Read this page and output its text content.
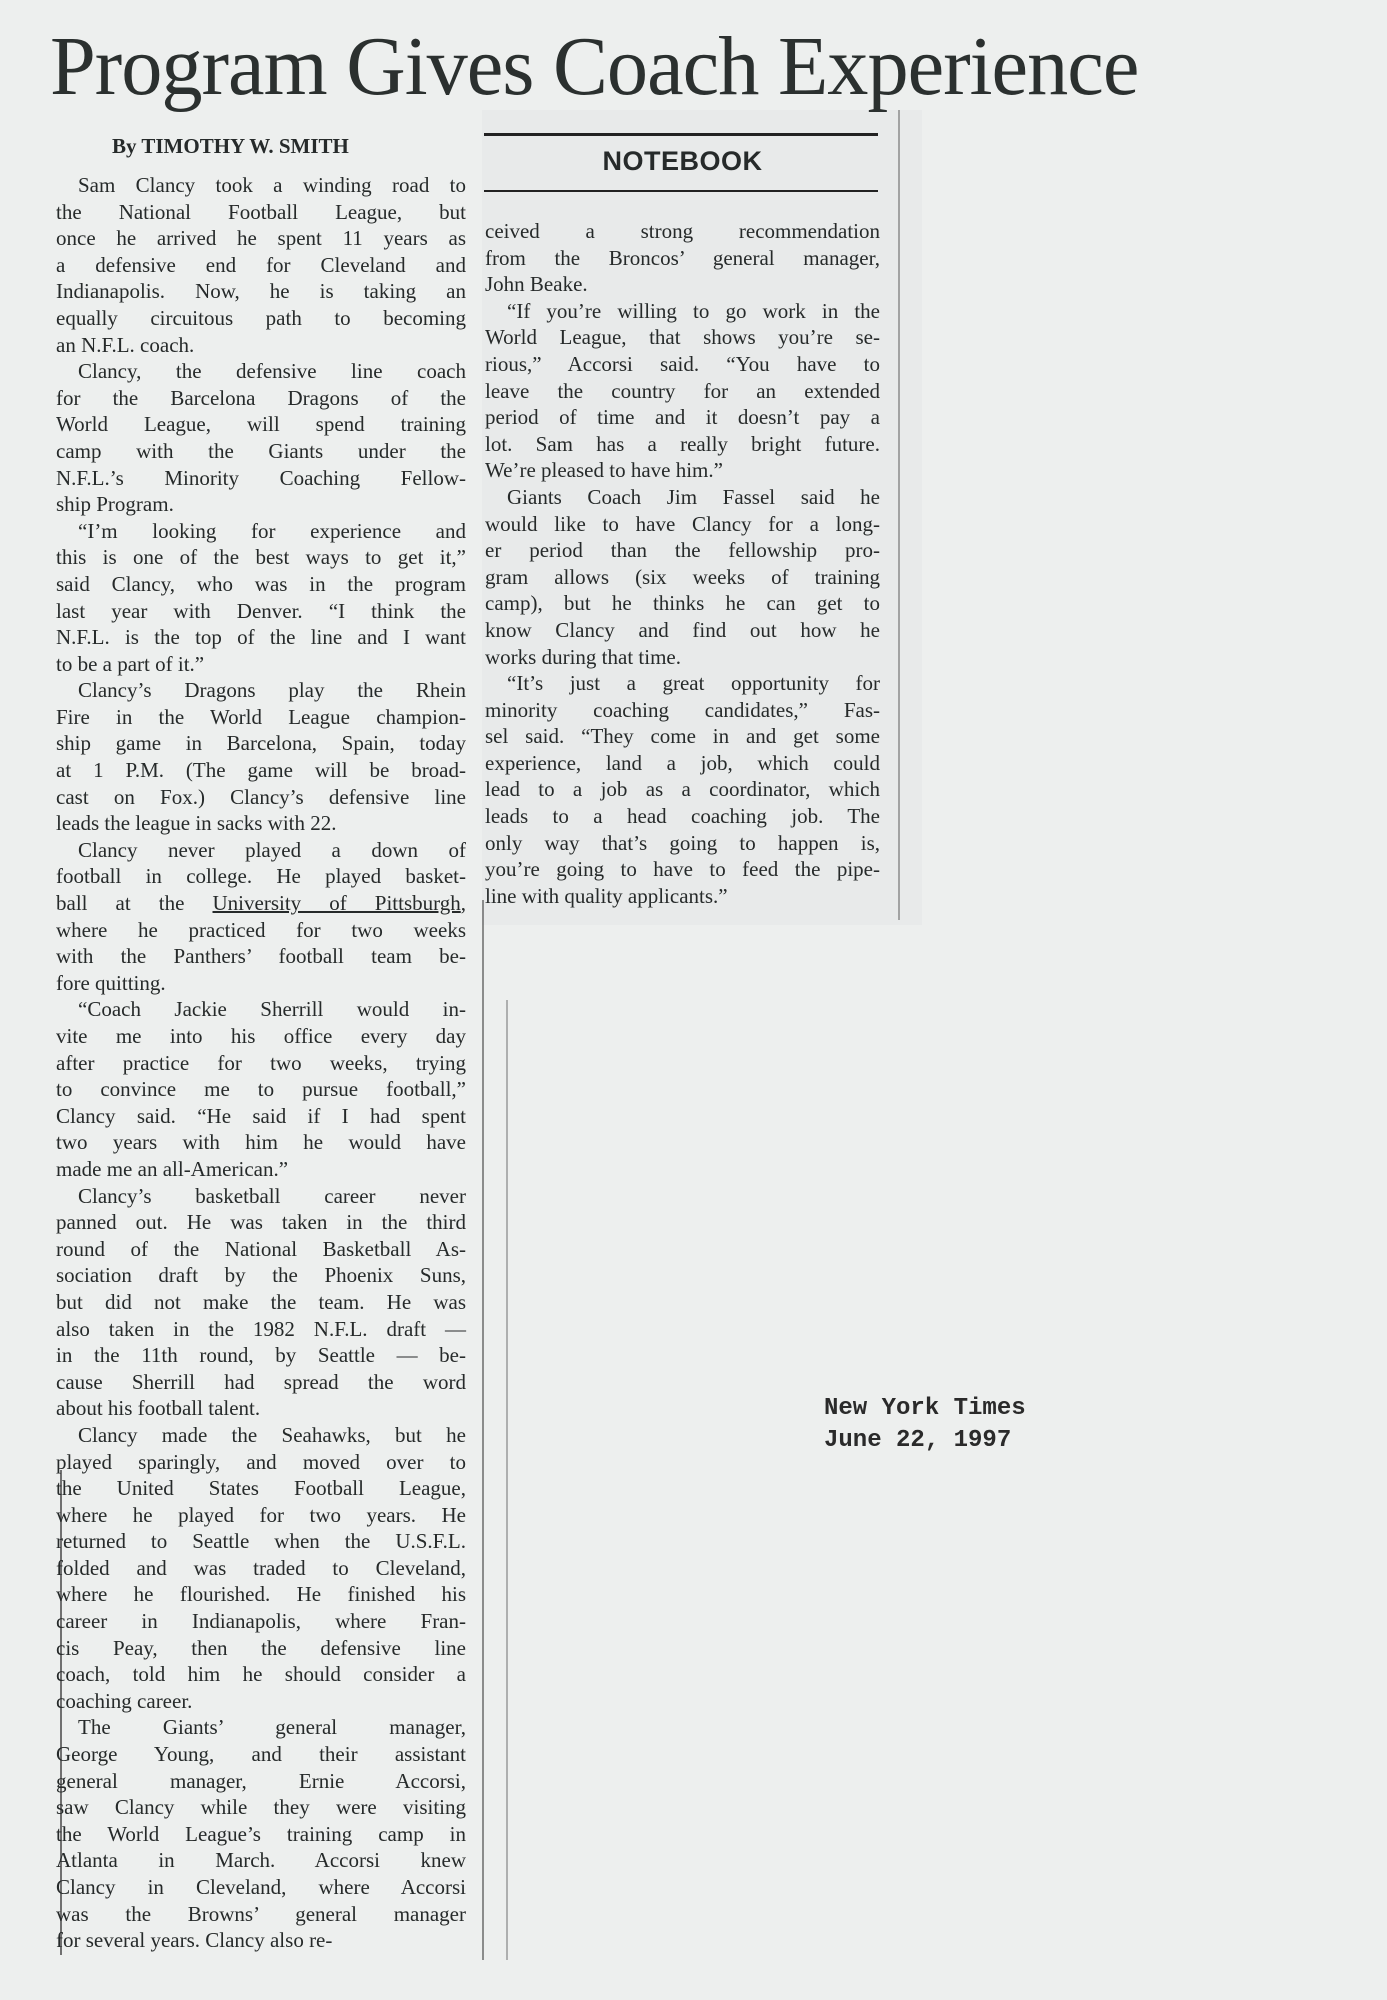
Program Gives Coach Experience
By TIMOTHY W. SMITH	NOTEBOOK
Sam Clancy took a winding road to
the National Football League, but
once he arrived he spent 11 years as
a defensive end for Cleveland and
Indianapolis. Now, he is taking an
equally circuitous path to becoming
an N.F.L. coach.
Clancy, the defensive line coach
for the Barcelona Dragons of the
World League, will spend training
camp with the Giants under the
N.F.L.’s Minority Coaching Fellow-
ship Program.
“I’m looking for experience and
this is one of the best ways to get it,”
said Clancy, who was in the program
last year with Denver. “I think the
N.F.L. is the top of the line and I want
to be a part of it.”
Clancy’s Dragons play the Rhein
Fire in the World League champion-
ship game in Barcelona, Spain, today
at 1 P.M. (The game will be broad-
cast on Fox.) Clancy’s defensive line
leads the league in sacks with 22.
Clancy never played a down of
football in college. He played basket-
ball at the University of Pittsburgh,
where he practiced for two weeks
with the Panthers’ football team be-
fore quitting.
“Coach Jackie Sherrill would in-
vite me into his office every day
after practice for two weeks, trying
to convince me to pursue football,”
Clancy said. “He said if I had spent
two years with him he would have
made me an all-American.”
Clancy’s basketball career never
panned out. He was taken in the third
round of the National Basketball As-
sociation draft by the Phoenix Suns,
but did not make the team. He was
also taken in the 1982 N.F.L. draft —
in the 11th round, by Seattle — be-
cause Sherrill had spread the word
about his football talent.
Clancy made the Seahawks, but he
played sparingly, and moved over to
the United States Football League,
where he played for two years. He
returned to Seattle when the U.S.F.L.
folded and was traded to Cleveland,
where he flourished. He finished his
career in Indianapolis, where Fran-
cis Peay, then the defensive line
coach, told him he should consider a
coaching career.
The Giants’ general manager,
George Young, and their assistant
general manager, Ernie Accorsi,
saw Clancy while they were visiting
the World League’s training camp in
Atlanta in March. Accorsi knew
Clancy in Cleveland, where Accorsi
was the Browns’ general manager
for several years. Clancy also re-
ceived a strong recommendation
from the Broncos’ general manager,
John Beake.
“If you’re willing to go work in the
World League, that shows you’re se-
rious,” Accorsi said. “You have to
leave the country for an extended
period of time and it doesn’t pay a
lot. Sam has a really bright future.
We’re pleased to have him.”
Giants Coach Jim Fassel said he
would like to have Clancy for a long-
er period than the fellowship pro-
gram allows (six weeks of training
camp), but he thinks he can get to
know Clancy and find out how he
works during that time.
“It’s just a great opportunity for
minority coaching candidates,” Fas-
sel said. “They come in and get some
experience, land a job, which could
lead to a job as a coordinator, which
leads to a head coaching job. The
only way that’s going to happen is,
you’re going to have to feed the pipe-
line with quality applicants.”
New York Times
June 22, 1997
